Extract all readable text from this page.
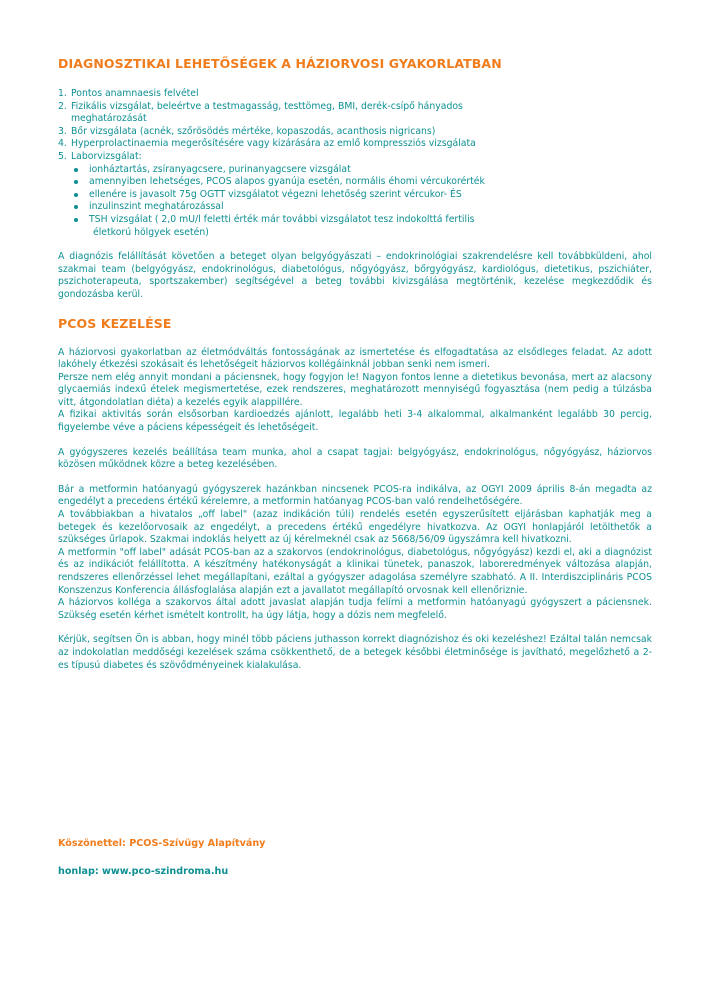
DIAGNOSZTIKAI LEHETŐSÉGEK A HÁZIORVOSI GYAKORLATBAN
1. Pontos anamnaesis felvétel
2. Fizikális vizsgálat, beleértve a testmagasság, testtömeg, BMI, derék-csípő hányados
meghatározását
3. Bőr vizsgálata (acnék, szőrösödés mértéke, kopaszodás, acanthosis nigricans)
4. Hyperprolactinaemia megerősítésére vagy kizárására az emlő kompressziós vizsgálata
5. Laborvizsgálat:
ionháztartás, zsíranyagcsere, purinanyagcsere vizsgálat
amennyiben lehetséges, PCOS alapos gyanúja esetén, normális éhomi vércukorérték
ellenére is javasolt 75g OGTT vizsgálatot végezni lehetőség szerint vércukor- ÉS
inzulinszint meghatározással
TSH vizsgálat ( 2,0 mU/l feletti érték már további vizsgálatot tesz indokolttá fertilis
életkorú hölgyek esetén)

A diagnózis felállítását követően a beteget olyan belgyógyászati – endokrinológiai szakrendelésre kell továbbküldeni, ahol szakmai team (belgyógyász, endokrinológus, diabetológus, nőgyógyász, bőrgyógyász, kardiológus, dietetikus, pszichiáter, pszichoterapeuta, sportszakember) segítségével a beteg további kivizsgálása megtörténik, kezelése megkezdődik és gondozásba kerül.

PCOS KEZELÉSE

A háziorvosi gyakorlatban az életmódváltás fontosságának az ismertetése és elfogadtatása az elsődleges feladat. Az adott lakóhely étkezési szokásait és lehetőségeit háziorvos kollégáinknál jobban senki nem ismeri.

Persze nem elég annyit mondani a páciensnek, hogy fogyjon le! Nagyon fontos lenne a dietetikus bevonása, mert az alacsony glycaemiás indexű ételek megismertetése, ezek rendszeres, meghatározott mennyiségű fogyasztása (nem pedig a túlzásba vitt, átgondolatlan diéta) a kezelés egyik alappillére.

A fizikai aktivitás során elsősorban kardioedzés ajánlott, legalább heti 3-4 alkalommal, alkalmanként legalább 30 percig, figyelembe véve a páciens képességeit és lehetőségeit.

A gyógyszeres kezelés beállítása team munka, ahol a csapat tagjai: belgyógyász, endokrinológus, nőgyógyász, háziorvos közösen működnek közre a beteg kezelésében.

Bár a metformin hatóanyagú gyógyszerek hazánkban nincsenek PCOS-ra indikálva, az OGYI 2009 április 8-án megadta az engedélyt a precedens értékű kérelemre, a metformin hatóanyag PCOS-ban való rendelhetőségére.

A továbbiakban a hivatalos „off label" (azaz indikáción túli) rendelés esetén egyszerűsített eljárásban kaphatják meg a betegek és kezelőorvosaik az engedélyt, a precedens értékű engedélyre hivatkozva. Az OGYI honlapjáról letölthetők a szükséges űrlapok. Szakmai indoklás helyett az új kérelmeknél csak az 5668/56/09 ügyszámra kell hivatkozni.

A metformin "off label" adását PCOS-ban az a szakorvos (endokrinológus, diabetológus, nőgyógyász) kezdi el, aki a diagnózist és az indikációt felállította. A készítmény hatékonyságát a klinikai tünetek, panaszok, laboreredmények változása alapján, rendszeres ellenőrzéssel lehet megállapítani, ezáltal a gyógyszer adagolása személyre szabható. A II. Interdiszciplináris PCOS Konszenzus Konferencia állásfoglalása alapján ezt a javallatot megállapító orvosnak kell ellenőriznie.

A háziorvos kolléga a szakorvos által adott javaslat alapján tudja felírni a metformin hatóanyagú gyógyszert a páciensnek. Szükség esetén kérhet ismételt kontrollt, ha úgy látja, hogy a dózis nem megfelelő.

Kérjük, segítsen Ön is abban, hogy minél több páciens juthasson korrekt diagnózishoz és oki kezeléshez! Ezáltal talán nemcsak az indokolatlan meddőségi kezelések száma csökkenthető, de a betegek későbbi életminősége is javítható, megelőzhető a 2-es típusú diabetes és szövődményeinek kialakulása.

Köszönettel: PCOS-Szívügy Alapítvány
honlap: www.pco-szindroma.hu
